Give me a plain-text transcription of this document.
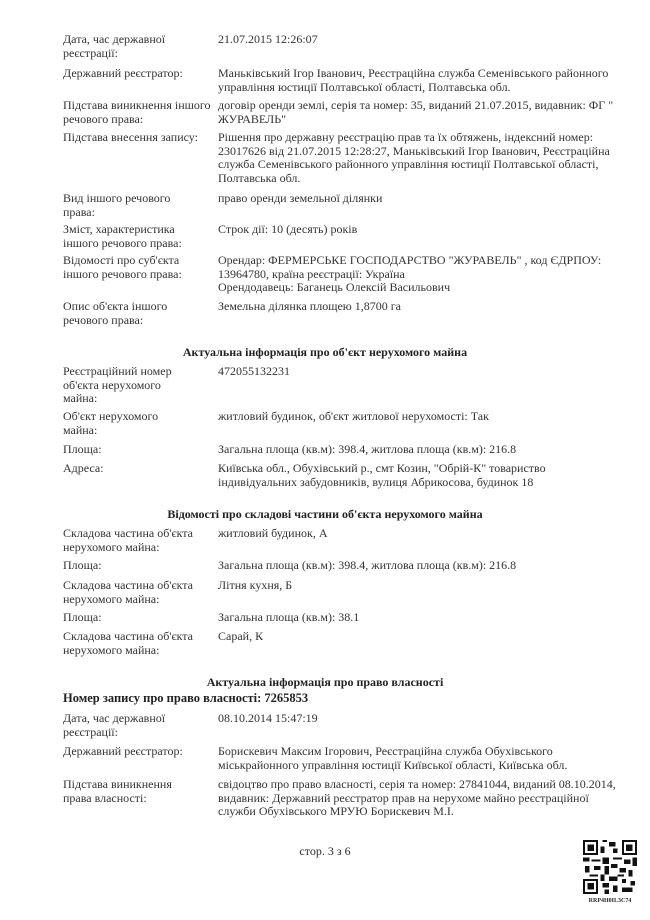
Дата, час державної реєстрації:
21.07.2015 12:26:07
Державний реєстратор:	Маньківський Ігор Іванович, Реєстраційна служба Семенівського районного управління юстиції Полтавської області, Полтавська обл.
Підстава виникнення іншого речового права:
договір оренди землі, серія та номер: 35, виданий 21.07.2015, видавник: ФГ " ЖУРАВЕЛЬ"
Підстава внесення запису:	Рішення про державну реєстрацію прав та їх обтяжень, індексний номер: 23017626 від 21.07.2015 12:28:27, Маньківський Ігор Іванович, Реєстраційна служба Семенівського районного управління юстиції Полтавської області, Полтавська обл.
Вид іншого речового права:
право оренди земельної ділянки
Зміст, характеристика іншого речового права:
Строк дії: 10 (десять) років
Відомості про суб'єкта іншого речового права:
Орендар: ФЕРМЕРСЬКЕ ГОСПОДАРСТВО "ЖУРАВЕЛЬ" , код ЄДРПОУ: 13964780, країна реєстрації: Україна
Орендодавець: Баганець Олексій Васильович
Опис об'єкта іншого речового права:
Земельна ділянка площею 1,8700 га
Актуальна інформація про об'єкт нерухомого майна
Реєстраційний номер об'єкта нерухомого майна:
472055132231
Об'єкт нерухомого майна:
житловий будинок, об'єкт житлової нерухомості: Так
Площа:	Загальна площа (кв.м): 398.4, житлова площа (кв.м): 216.8
Адреса:	Київська обл., Обухівський р., смт Козин, "Обрій-К" товариство індивідуальних забудовників, вулиця Абрикосова, будинок 18
Відомості про складові частини об'єкта нерухомого майна
Складова частина об'єкта нерухомого майна:
житловий будинок, А
Площа:	Загальна площа (кв.м): 398.4, житлова площа (кв.м): 216.8
Складова частина об'єкта нерухомого майна:
Літня кухня, Б
Площа:	Загальна площа (кв.м): 38.1
Складова частина об'єкта нерухомого майна:
Сарай, К
Актуальна інформація про право власності
Номер запису про право власності: 7265853
Дата, час державної реєстрації:
08.10.2014 15:47:19
Державний реєстратор:	Борискевич Максим Ігорович, Реєстраційна служба Обухівського міськрайонного управління юстиції Київської області, Київська обл.
Підстава виникнення права власності:
свідоцтво про право власності, серія та номер: 27841044, виданий 08.10.2014, видавник: Державний реєстратор прав на нерухоме майно реєстраційної служби Обухівського МРУЮ Борискевич М.І.
стор. 3 з 6
RRP4H0IL3C74
